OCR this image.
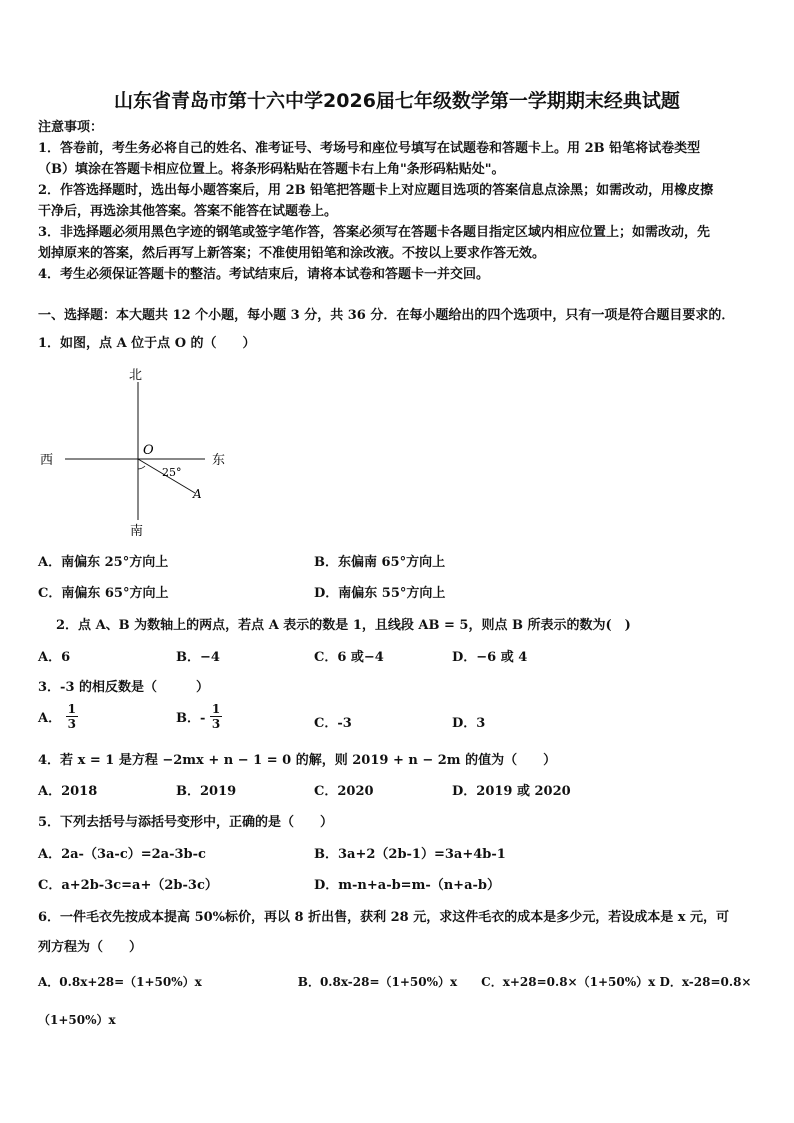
山东省青岛市第十六中学2026届七年级数学第一学期期末经典试题
注意事项：
1．答卷前，考生务必将自己的姓名、准考证号、考场号和座位号填写在试题卷和答题卡上。用 2B 铅笔将试卷类型
（B）填涂在答题卡相应位置上。将条形码粘贴在答题卡右上角"条形码粘贴处"。
2．作答选择题时，选出每小题答案后，用 2B 铅笔把答题卡上对应题目选项的答案信息点涂黑；如需改动，用橡皮擦
干净后，再选涂其他答案。答案不能答在试题卷上。
3．非选择题必须用黑色字迹的钢笔或签字笔作答，答案必须写在答题卡各题目指定区域内相应位置上；如需改动，先
划掉原来的答案，然后再写上新答案；不准使用铅笔和涂改液。不按以上要求作答无效。
4．考生必须保证答题卡的整洁。考试结束后，请将本试卷和答题卡一并交回。
一、选择题：本大题共 12 个小题，每小题 3 分，共 36 分．在每小题给出的四个选项中，只有一项是符合题目要求的．
1．如图，点 A 位于点 O 的（　　）
北
南
西	东
O
A
25°
A．南偏东 25°方向上	B．东偏南 65°方向上
C．南偏东 65°方向上	D．南偏东 55°方向上
2．点 A、B 为数轴上的两点，若点 A 表示的数是 1，且线段 AB = 5，则点 B 所表示的数为(　)
A．6	B．−4	C．6 或−4	D．−6 或 4
3．-3 的相反数是（　　　）
A． $\frac{1}{3}$	B．- $\frac{1}{3}$	C．-3	D．3
4．若 x = 1 是方程 −2mx + n − 1 = 0 的解，则 2019 + n − 2m 的值为（　　）
A．2018	B．2019	C．2020	D．2019 或 2020
5．下列去括号与添括号变形中，正确的是（　　）
A．2a-（3a-c）=2a-3b-c	B．3a+2（2b-1）=3a+4b-1
C．a+2b-3c=a+（2b-3c）	D．m-n+a-b=m-（n+a-b）
6．一件毛衣先按成本提高 50%标价，再以 8 折出售，获利 28 元，求这件毛衣的成本是多少元，若设成本是 x 元，可
列方程为（　　）
A．0.8x+28=（1+50%）x　　　　　　　　B．0.8x-28=（1+50%）x　　C．x+28=0.8×（1+50%）x D．x-28=0.8×
（1+50%）x
